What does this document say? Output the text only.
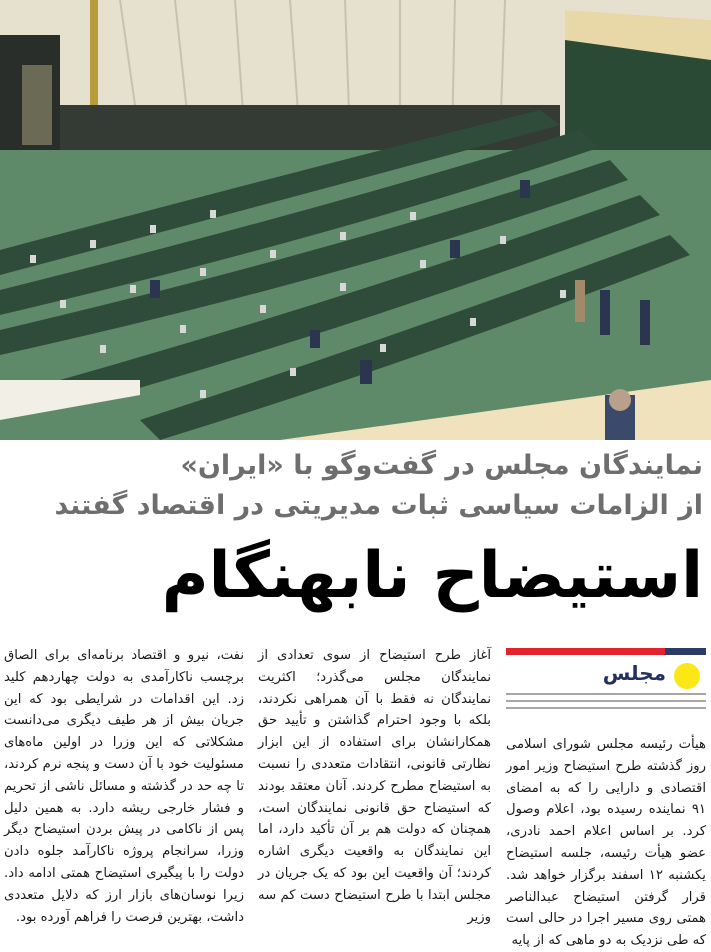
نمایندگان مجلس در گفت‌وگو با «ایران»
از الزامات سیاسی ثبات مدیریتی در اقتصاد گفتند
استیضاح نابهنگام
مجلس

هیأت رئیسه مجلس شورای اسلامی روز گذشته طرح استیضاح وزیر امور اقتصادی و دارایی را که به امضای ۹۱ نماینده رسیده بود، اعلام وصول کرد. بر اساس اعلام احمد نادری، عضو هیأت رئیسه، جلسه استیضاح یکشنبه ۱۲ اسفند برگزار خواهد شد. قرار گرفتن استیضاح عبدالناصر همتی روی مسیر اجرا در حالی است که طی نزدیک به دو ماهی که از پایه

آغاز طرح استیضاح از سوی تعدادی از نمایندگان مجلس می‌گذرد؛ اکثریت نمایندگان نه فقط با آن همراهی نکردند، بلکه با وجود احترام گذاشتن و تأیید حق همکارانشان برای استفاده از این ابزار نظارتی قانونی، انتقادات متعددی را نسبت به استیضاح مطرح کردند. آنان معتقد بودند که استیضاح حق قانونی نمایندگان است، همچنان که دولت هم بر آن تأکید دارد، اما این نمایندگان به واقعیت دیگری اشاره کردند؛ آن واقعیت این بود که یک جریان در مجلس ابتدا با طرح استیضاح دست کم سه وزیر

نفت، نیرو و اقتصاد برنامه‌ای برای الصاق برچسب ناکارآمدی به دولت چهاردهم کلید زد. این اقدامات در شرایطی بود که این جریان بیش از هر طیف دیگری می‌دانست مشکلاتی که این وزرا در اولین ماه‌های مسئولیت خود با آن دست و پنجه نرم کردند، تا چه حد در گذشته و مسائل ناشی از تحریم و فشار خارجی ریشه دارد. به همین دلیل پس از ناکامی در پیش بردن استیضاح دیگر وزرا، سرانجام پروژه ناکارآمد جلوه دادن دولت را با پیگیری استیضاح همتی ادامه داد. زیرا نوسان‌های بازار ارز که دلایل متعددی داشت، بهترین فرصت را فراهم آورده بود.
